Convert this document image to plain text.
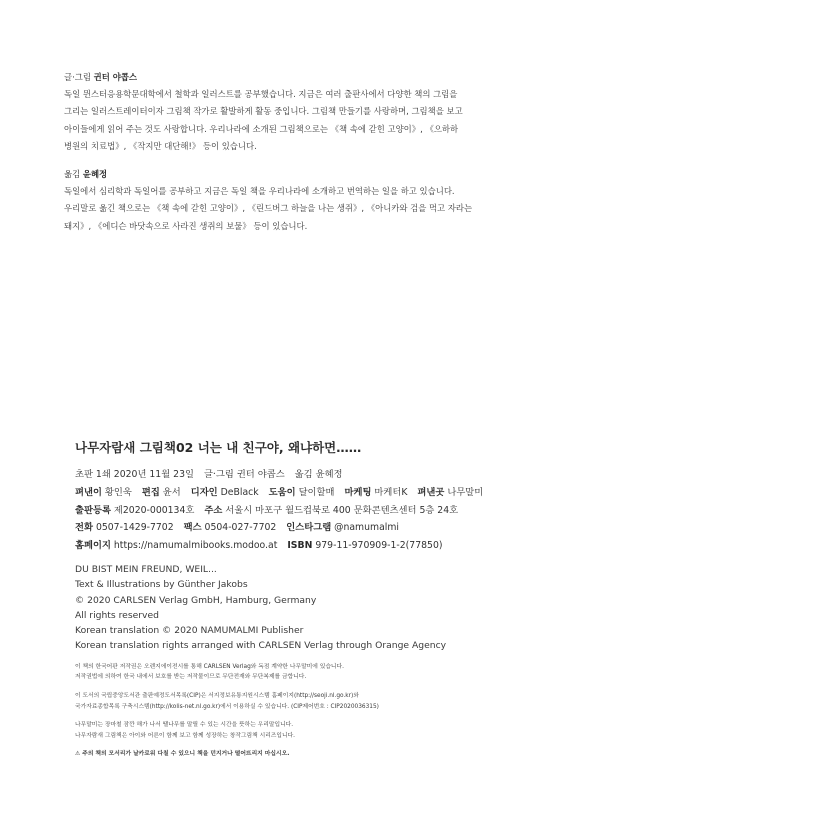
글·그림 귄터 야콥스

독일 뮌스터응용학문대학에서 철학과 일러스트를 공부했습니다. 지금은 여러 출판사에서 다양한 책의 그림을

그리는 일러스트레이터이자 그림책 작가로 활발하게 활동 중입니다. 그림책 만들기를 사랑하며, 그림책을 보고

아이들에게 읽어 주는 것도 사랑합니다. 우리나라에 소개된 그림책으로는 《책 속에 갇힌 고양이》, 《으하하

병원의 치료법》, 《작지만 대단해!》 등이 있습니다.

옮김 윤혜정

독일에서 심리학과 독일어를 공부하고 지금은 독일 책을 우리나라에 소개하고 번역하는 일을 하고 있습니다.

우리말로 옮긴 책으로는 《책 속에 갇힌 고양이》, 《린드버그 하늘을 나는 생쥐》, 《아니카와 검을 먹고 자라는

돼지》, 《에디슨 바닷속으로 사라진 생쥐의 보물》 등이 있습니다.

나무자람새 그림책02 너는 내 친구야, 왜냐하면……

초판 1쇄 2020년 11월 23일 글·그림 귄터 야콥스 옮김 윤혜정

펴낸이 황인욱 편집 윤서 디자인 DeBlack 도움이 달이할매 마케팅 마케터K 펴낸곳 나무말미

출판등록 제2020-000134호 주소 서울시 마포구 월드컵북로 400 문화콘텐츠센터 5층 24호

전화 0507-1429-7702 팩스 0504-027-7702 인스타그램 @namumalmi

홈페이지 https://namumalmibooks.modoo.at ISBN 979-11-970909-1-2(77850)

DU BIST MEIN FREUND, WEIL...

Text & Illustrations by Günther Jakobs

© 2020 CARLSEN Verlag GmbH, Hamburg, Germany

All rights reserved

Korean translation © 2020 NAMUMALMI Publisher

Korean translation rights arranged with CARLSEN Verlag through Orange Agency

이 책의 한국어판 저작권은 오렌지에이전시를 통해 CARLSEN Verlag와 독점 계약한 나무말미에 있습니다.

저작권법에 의하여 한국 내에서 보호를 받는 저작물이므로 무단전재와 무단복제를 금합니다.

이 도서의 국립중앙도서관 출판예정도서목록(CIP)은 서지정보유통지원시스템 홈페이지(http://seoji.nl.go.kr)와

국가자료종합목록 구축시스템(http://kolis-net.nl.go.kr)에서 이용하실 수 있습니다. (CIP제어번호 : CIP2020036315)

나무말미는 장마철 잠깐 해가 나서 땔나무를 말릴 수 있는 시간을 뜻하는 우리말입니다.

나무자람새 그림책은 아이와 어른이 함께 보고 함께 성장하는 창작그림책 시리즈입니다.

⚠ 주의 책의 모서리가 날카로워 다칠 수 있으니 책을 던지거나 떨어뜨리지 마십시오.
